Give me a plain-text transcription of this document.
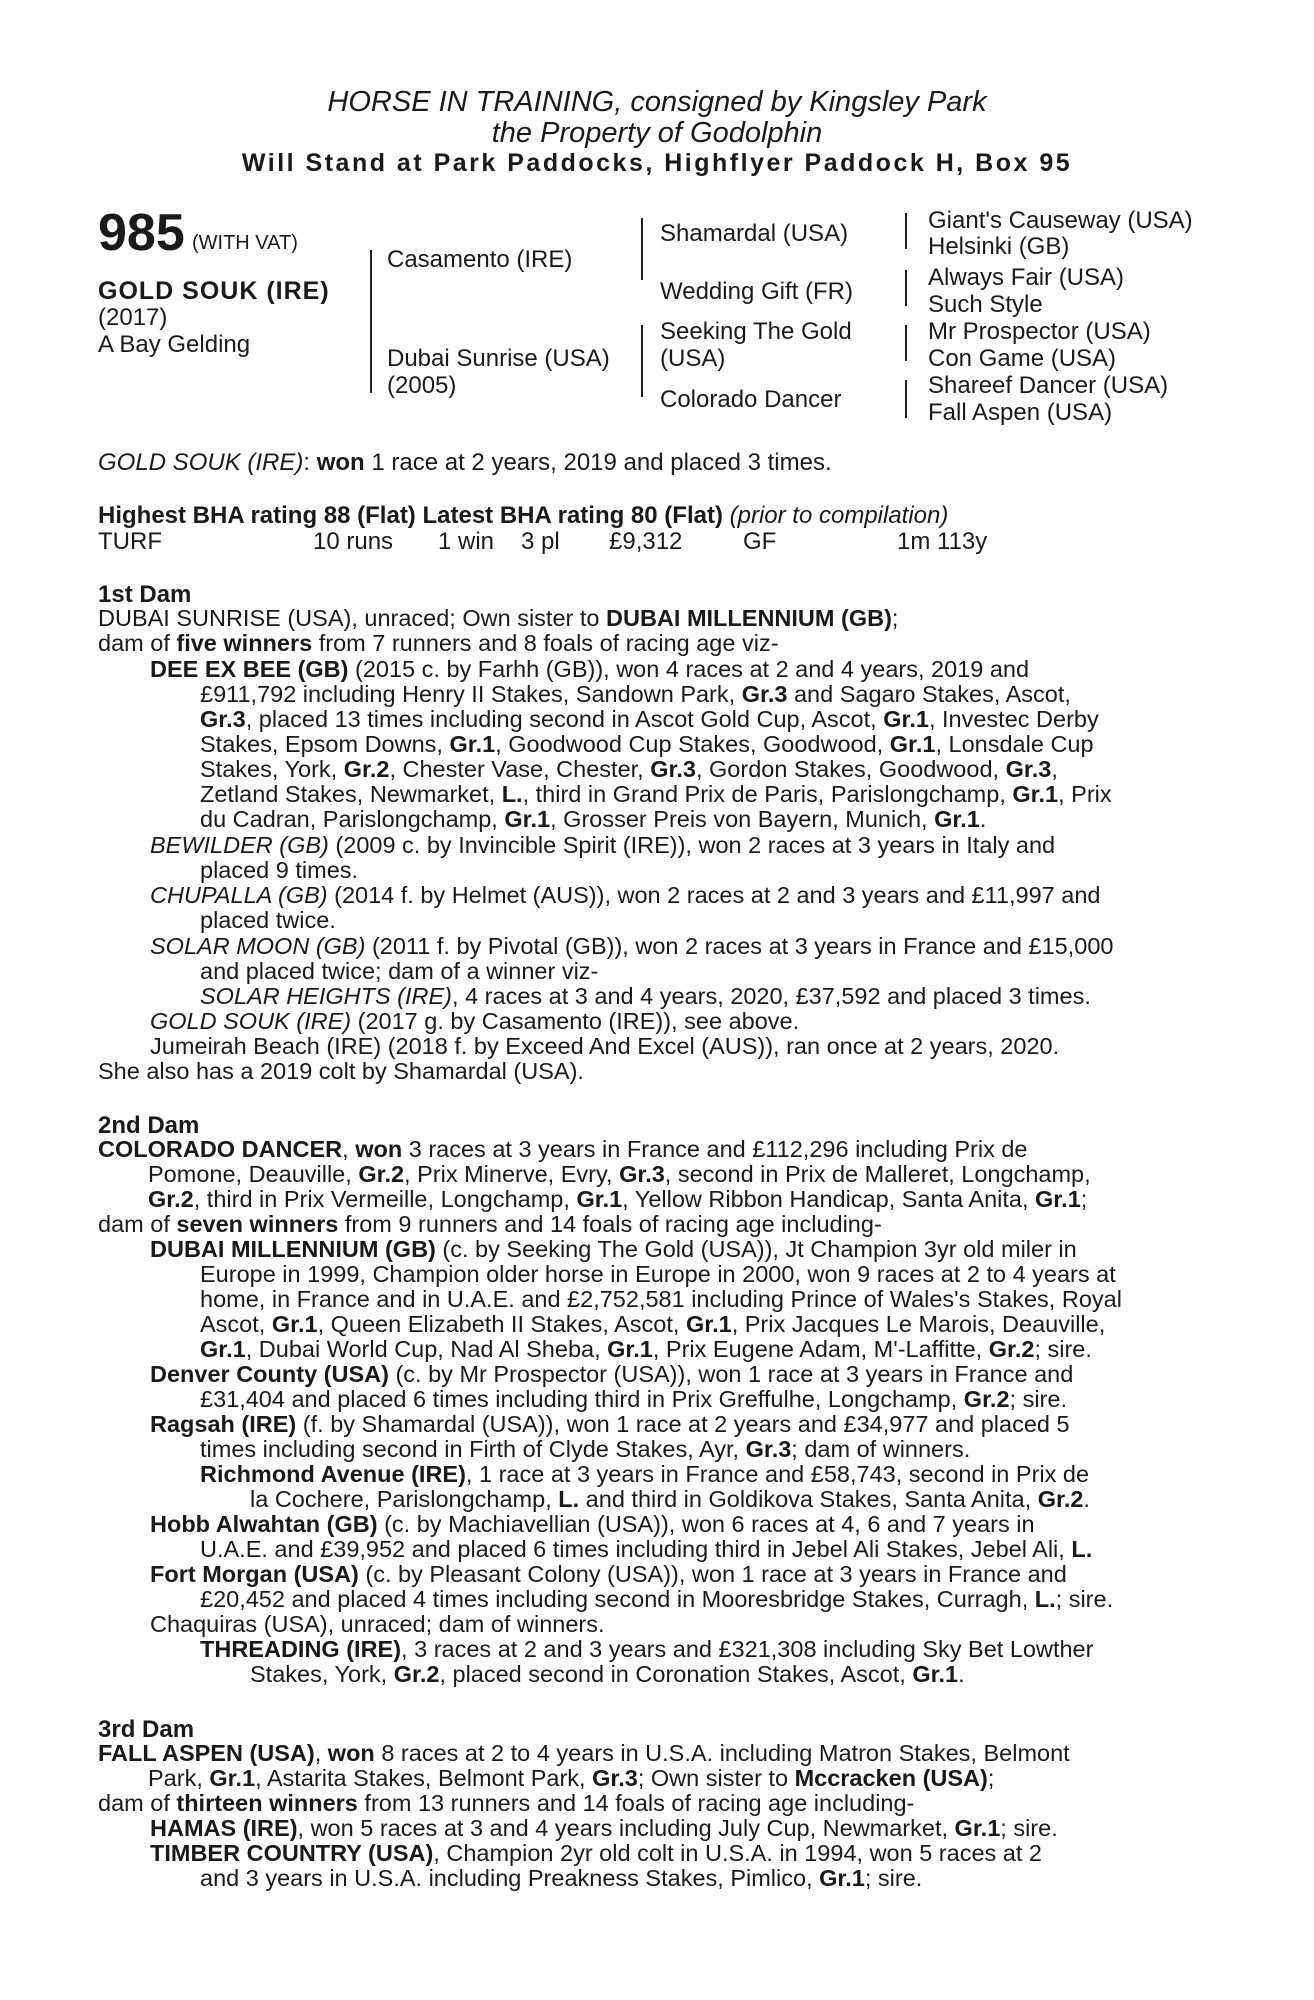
HORSE IN TRAINING, consigned by Kingsley Park
the Property of Godolphin
Will Stand at Park Paddocks, Highflyer Paddock H, Box 95
985 (WITH VAT)
GOLD SOUK (IRE)
(2017)
A Bay Gelding
Casamento (IRE)
Dubai Sunrise (USA)
(2005)
Shamardal (USA)
Wedding Gift (FR)
Seeking The Gold
(USA)
Colorado Dancer
Giant's Causeway (USA)
Helsinki (GB)
Always Fair (USA)
Such Style
Mr Prospector (USA)
Con Game (USA)
Shareef Dancer (USA)
Fall Aspen (USA)
GOLD SOUK (IRE): won 1 race at 2 years, 2019 and placed 3 times.
Highest BHA rating 88 (Flat) Latest BHA rating 80 (Flat) (prior to compilation)
TURF	10 runs 1 win 3 pl £9,312	GF	1m 113y
1st Dam
DUBAI SUNRISE (USA), unraced; Own sister to DUBAI MILLENNIUM (GB);
dam of five winners from 7 runners and 8 foals of racing age viz-
DEE EX BEE (GB) (2015 c. by Farhh (GB)), won 4 races at 2 and 4 years, 2019 and
£911,792 including Henry II Stakes, Sandown Park, Gr.3 and Sagaro Stakes, Ascot,
Gr.3, placed 13 times including second in Ascot Gold Cup, Ascot, Gr.1, Investec Derby
Stakes, Epsom Downs, Gr.1, Goodwood Cup Stakes, Goodwood, Gr.1, Lonsdale Cup
Stakes, York, Gr.2, Chester Vase, Chester, Gr.3, Gordon Stakes, Goodwood, Gr.3,
Zetland Stakes, Newmarket, L., third in Grand Prix de Paris, Parislongchamp, Gr.1, Prix
du Cadran, Parislongchamp, Gr.1, Grosser Preis von Bayern, Munich, Gr.1.
BEWILDER (GB) (2009 c. by Invincible Spirit (IRE)), won 2 races at 3 years in Italy and
placed 9 times.
CHUPALLA (GB) (2014 f. by Helmet (AUS)), won 2 races at 2 and 3 years and £11,997 and
placed twice.
SOLAR MOON (GB) (2011 f. by Pivotal (GB)), won 2 races at 3 years in France and £15,000
and placed twice; dam of a winner viz-
SOLAR HEIGHTS (IRE), 4 races at 3 and 4 years, 2020, £37,592 and placed 3 times.
GOLD SOUK (IRE) (2017 g. by Casamento (IRE)), see above.
Jumeirah Beach (IRE) (2018 f. by Exceed And Excel (AUS)), ran once at 2 years, 2020.
She also has a 2019 colt by Shamardal (USA).
2nd Dam
COLORADO DANCER, won 3 races at 3 years in France and £112,296 including Prix de
Pomone, Deauville, Gr.2, Prix Minerve, Evry, Gr.3, second in Prix de Malleret, Longchamp,
Gr.2, third in Prix Vermeille, Longchamp, Gr.1, Yellow Ribbon Handicap, Santa Anita, Gr.1;
dam of seven winners from 9 runners and 14 foals of racing age including-
DUBAI MILLENNIUM (GB) (c. by Seeking The Gold (USA)), Jt Champion 3yr old miler in
Europe in 1999, Champion older horse in Europe in 2000, won 9 races at 2 to 4 years at
home, in France and in U.A.E. and £2,752,581 including Prince of Wales's Stakes, Royal
Ascot, Gr.1, Queen Elizabeth II Stakes, Ascot, Gr.1, Prix Jacques Le Marois, Deauville,
Gr.1, Dubai World Cup, Nad Al Sheba, Gr.1, Prix Eugene Adam, M'-Laffitte, Gr.2; sire.
Denver County (USA) (c. by Mr Prospector (USA)), won 1 race at 3 years in France and
£31,404 and placed 6 times including third in Prix Greffulhe, Longchamp, Gr.2; sire.
Ragsah (IRE) (f. by Shamardal (USA)), won 1 race at 2 years and £34,977 and placed 5
times including second in Firth of Clyde Stakes, Ayr, Gr.3; dam of winners.
Richmond Avenue (IRE), 1 race at 3 years in France and £58,743, second in Prix de
la Cochere, Parislongchamp, L. and third in Goldikova Stakes, Santa Anita, Gr.2.
Hobb Alwahtan (GB) (c. by Machiavellian (USA)), won 6 races at 4, 6 and 7 years in
U.A.E. and £39,952 and placed 6 times including third in Jebel Ali Stakes, Jebel Ali, L.
Fort Morgan (USA) (c. by Pleasant Colony (USA)), won 1 race at 3 years in France and
£20,452 and placed 4 times including second in Mooresbridge Stakes, Curragh, L.; sire.
Chaquiras (USA), unraced; dam of winners.
THREADING (IRE), 3 races at 2 and 3 years and £321,308 including Sky Bet Lowther
Stakes, York, Gr.2, placed second in Coronation Stakes, Ascot, Gr.1.
3rd Dam
FALL ASPEN (USA), won 8 races at 2 to 4 years in U.S.A. including Matron Stakes, Belmont
Park, Gr.1, Astarita Stakes, Belmont Park, Gr.3; Own sister to Mccracken (USA);
dam of thirteen winners from 13 runners and 14 foals of racing age including-
HAMAS (IRE), won 5 races at 3 and 4 years including July Cup, Newmarket, Gr.1; sire.
TIMBER COUNTRY (USA), Champion 2yr old colt in U.S.A. in 1994, won 5 races at 2
and 3 years in U.S.A. including Preakness Stakes, Pimlico, Gr.1; sire.
